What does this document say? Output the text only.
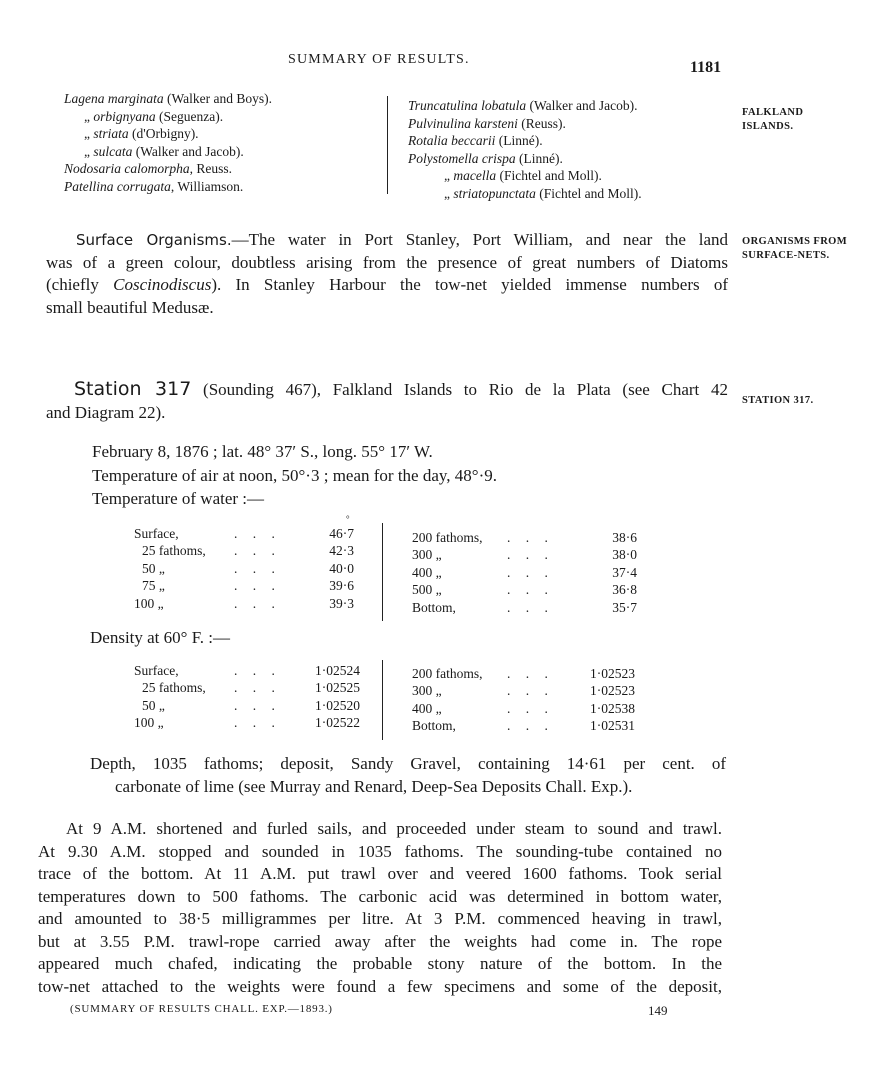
SUMMARY OF RESULTS.	1181
Lagena marginata (Walker and Boys).
„ orbignyana (Seguenza).
„ striata (d'Orbigny).
„ sulcata (Walker and Jacob).
Nodosaria calomorpha, Reuss.
Patellina corrugata, Williamson.
Truncatulina lobatula (Walker and Jacob).
Pulvinulina karsteni (Reuss).
Rotalia beccarii (Linné).
Polystomella crispa (Linné).
„ macella (Fichtel and Moll).
„ striatopunctata (Fichtel and Moll).
FALKLAND
ISLANDS.
ORGANISMS FROM
SURFACE-NETS.
STATION 317.
Surface Organisms.—The water in Port Stanley, Port William, and near the land
was of a green colour, doubtless arising from the presence of great numbers of Diatoms
(chiefly Coscinodiscus). In Stanley Harbour the tow-net yielded immense numbers of
small beautiful Medusæ.
Station 317 (Sounding 467), Falkland Islands to Rio de la Plata (see Chart 42
and Diagram 22).
February 8, 1876 ; lat. 48° 37′ S., long. 55° 17′ W.
Temperature of air at noon, 50°·3 ; mean for the day, 48°·9.
Temperature of water :—
°
Surface,	. . .	46·7
25 fathoms,	. . .	42·3
50 „	. . .	40·0
75 „	. . .	39·6
100 „	. . .	39·3
200 fathoms,	. . .	38·6
300 „	. . .	38·0
400 „	. . .	37·4
500 „	. . .	36·8
Bottom,	. . .	35·7
Density at 60° F. :—
Surface,	. . .	1·02524
25 fathoms,	. . .	1·02525
50 „	. . .	1·02520
100 „	. . .	1·02522
200 fathoms,	. . .	1·02523
300 „	. . .	1·02523
400 „	. . .	1·02538
Bottom,	. . .	1·02531
Depth, 1035 fathoms; deposit, Sandy Gravel, containing 14·61 per cent. of
carbonate of lime (see Murray and Renard, Deep-Sea Deposits Chall. Exp.).
At 9 A.M. shortened and furled sails, and proceeded under steam to sound and trawl.
At 9.30 A.M. stopped and sounded in 1035 fathoms. The sounding-tube contained no
trace of the bottom. At 11 A.M. put trawl over and veered 1600 fathoms. Took serial
temperatures down to 500 fathoms. The carbonic acid was determined in bottom water,
and amounted to 38·5 milligrammes per litre. At 3 P.M. commenced heaving in trawl,
but at 3.55 P.M. trawl-rope carried away after the weights had come in. The rope
appeared much chafed, indicating the probable stony nature of the bottom. In the
tow-net attached to the weights were found a few specimens and some of the deposit,
(SUMMARY OF RESULTS CHALL. EXP.—1893.)	149
